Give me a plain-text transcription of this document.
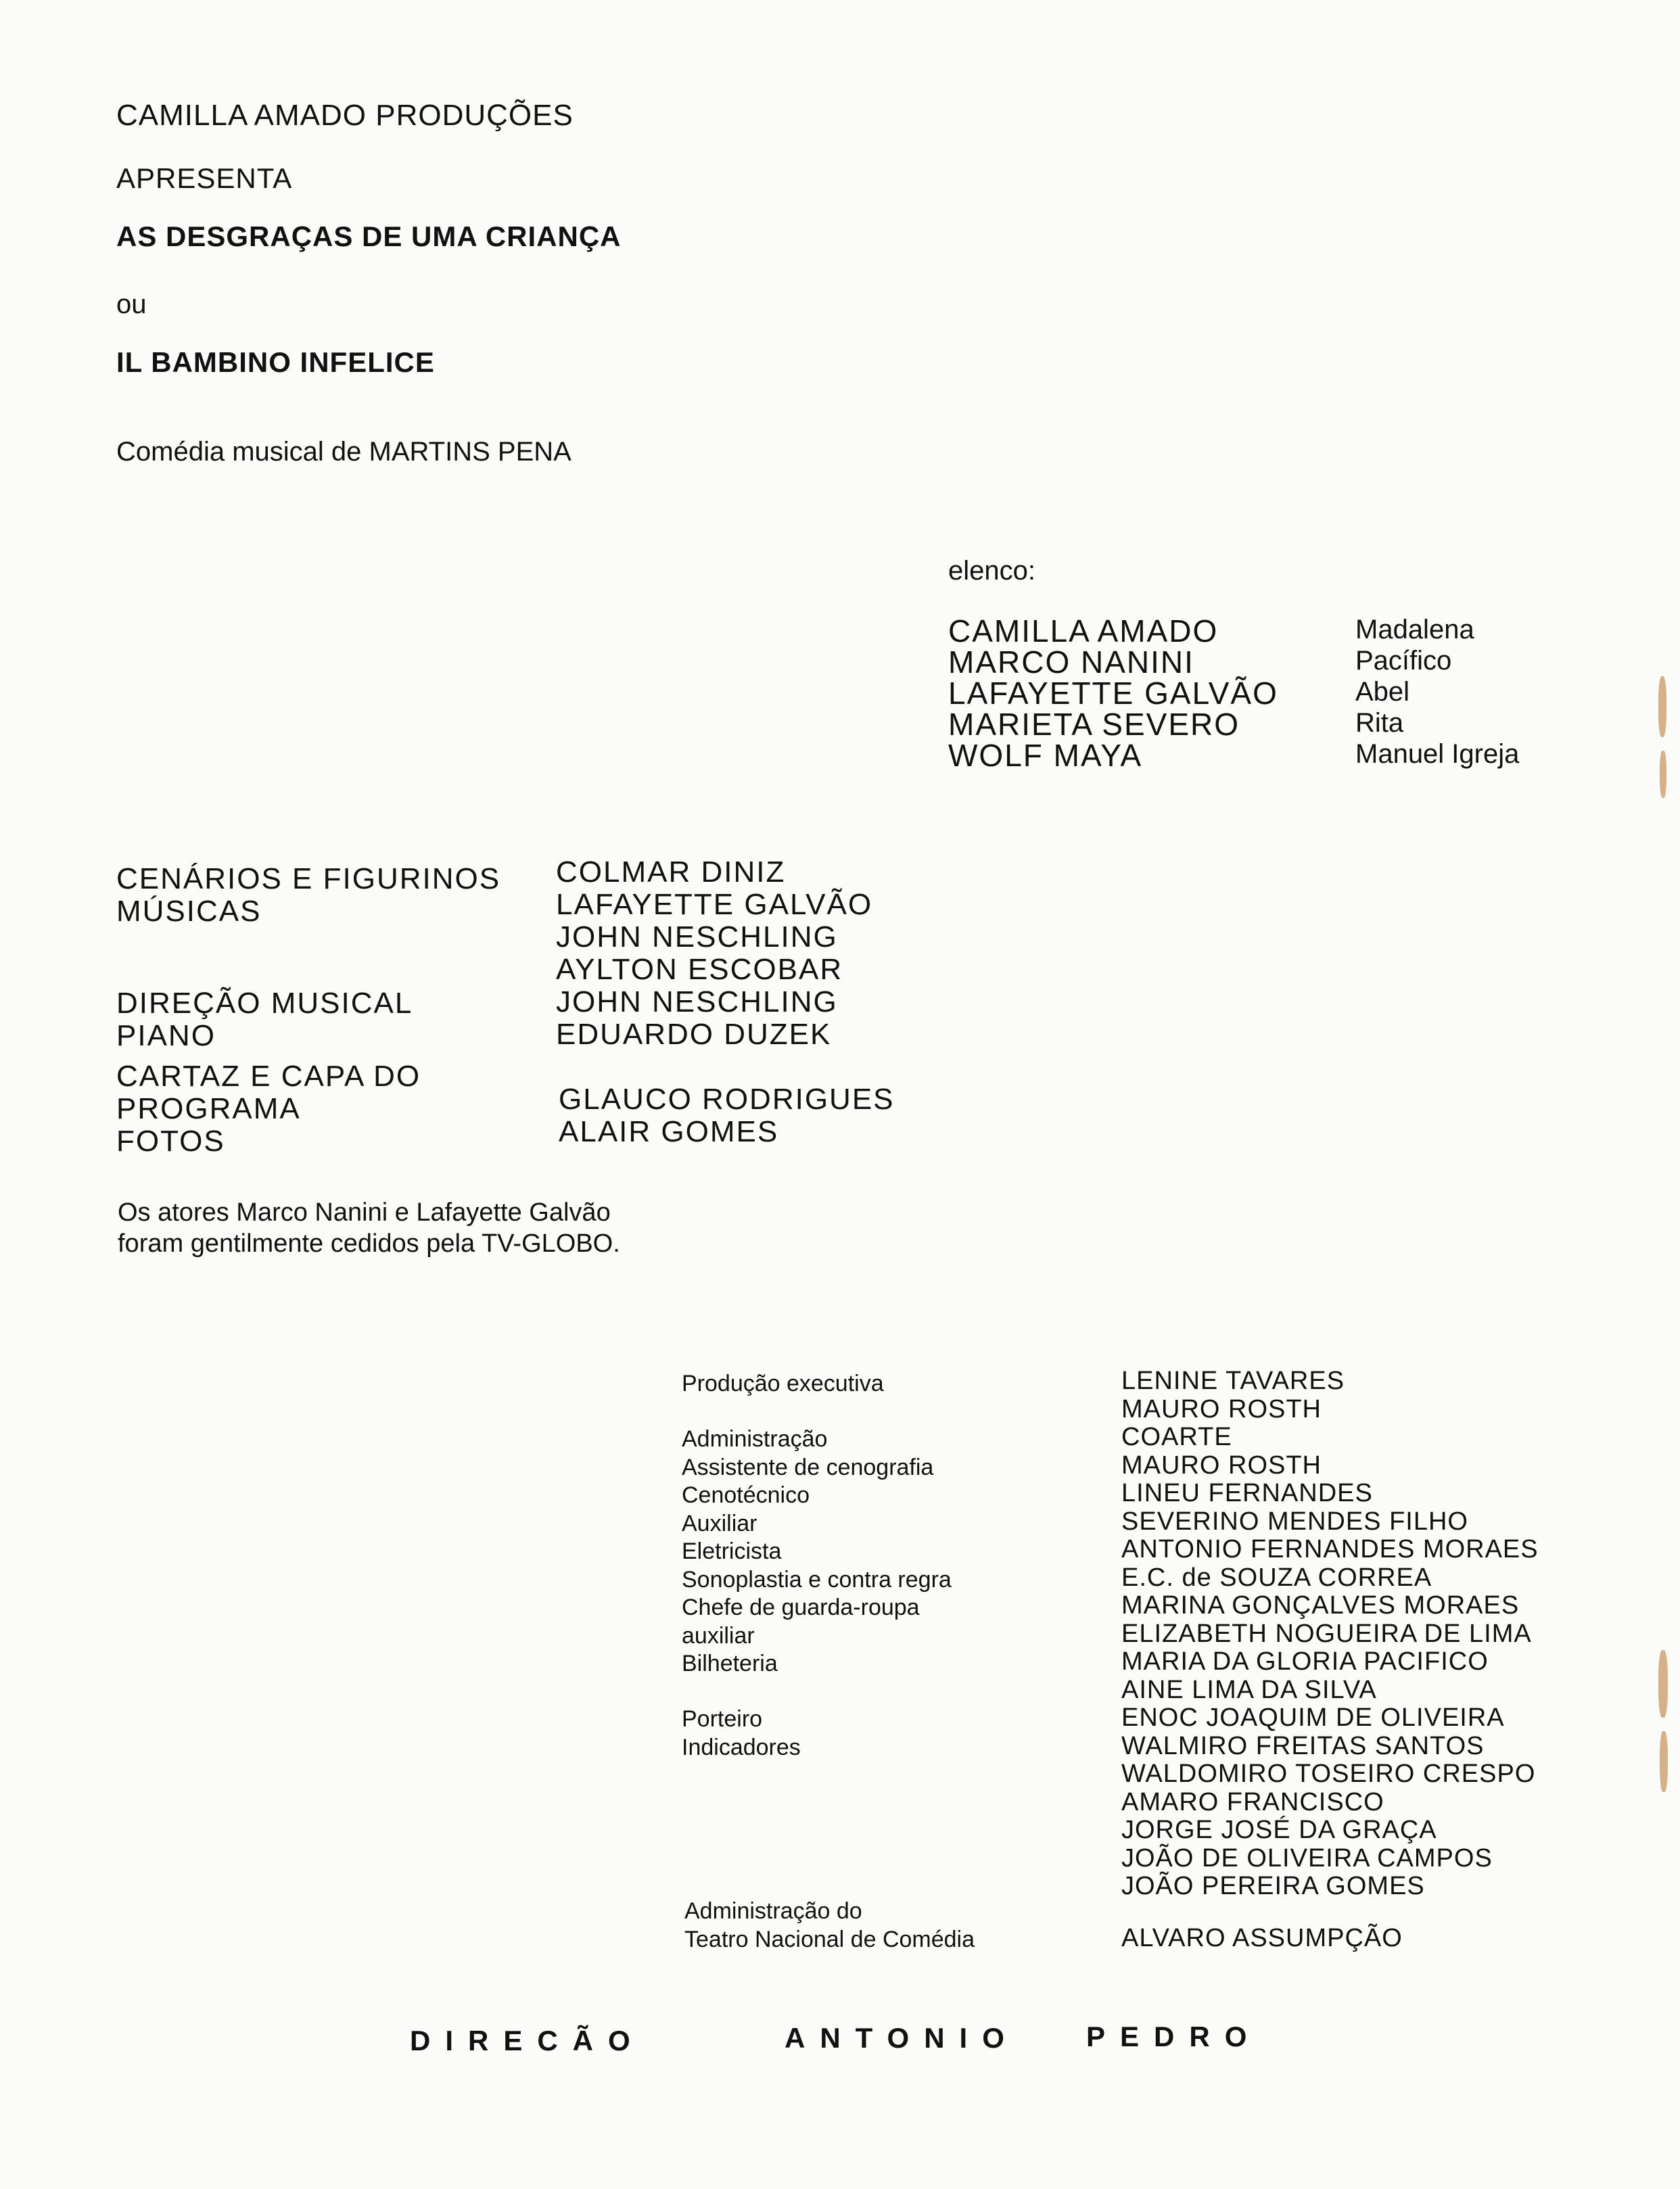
CAMILLA AMADO PRODUÇÕES
APRESENTA
AS DESGRAÇAS DE UMA CRIANÇA
ou
IL BAMBINO INFELICE
Comédia musical de MARTINS PENA
elenco:
CAMILLA AMADO
MARCO NANINI
LAFAYETTE GALVÃO
MARIETA SEVERO
WOLF MAYA
Madalena
Pacífico
Abel
Rita
Manuel Igreja
CENÁRIOS E FIGURINOS
MÚSICAS
DIREÇÃO MUSICAL
PIANO
CARTAZ E CAPA DO
PROGRAMA
FOTOS
COLMAR DINIZ
LAFAYETTE GALVÃO
JOHN NESCHLING
AYLTON ESCOBAR
JOHN NESCHLING
EDUARDO DUZEK
GLAUCO RODRIGUES
ALAIR GOMES
Os atores Marco Nanini e Lafayette Galvão
foram gentilmente cedidos pela TV-GLOBO.
Produção executiva
Administração
Assistente de cenografia
Cenotécnico
Auxiliar
Eletricista
Sonoplastia e contra regra
Chefe de guarda-roupa
auxiliar
Bilheteria
Porteiro
Indicadores
Administração do
Teatro Nacional de Comédia
LENINE TAVARES
MAURO ROSTH
COARTE
MAURO ROSTH
LINEU FERNANDES
SEVERINO MENDES FILHO
ANTONIO FERNANDES MORAES
E.C. de SOUZA CORREA
MARINA GONÇALVES MORAES
ELIZABETH NOGUEIRA DE LIMA
MARIA DA GLORIA PACIFICO
AINE LIMA DA SILVA
ENOC JOAQUIM DE OLIVEIRA
WALMIRO FREITAS SANTOS
WALDOMIRO TOSEIRO CRESPO
AMARO FRANCISCO
JORGE JOSÉ DA GRAÇA
JOÃO DE OLIVEIRA CAMPOS
JOÃO PEREIRA GOMES
ALVARO ASSUMPÇÃO
DIRECÃO	ANTONIO PEDRO
